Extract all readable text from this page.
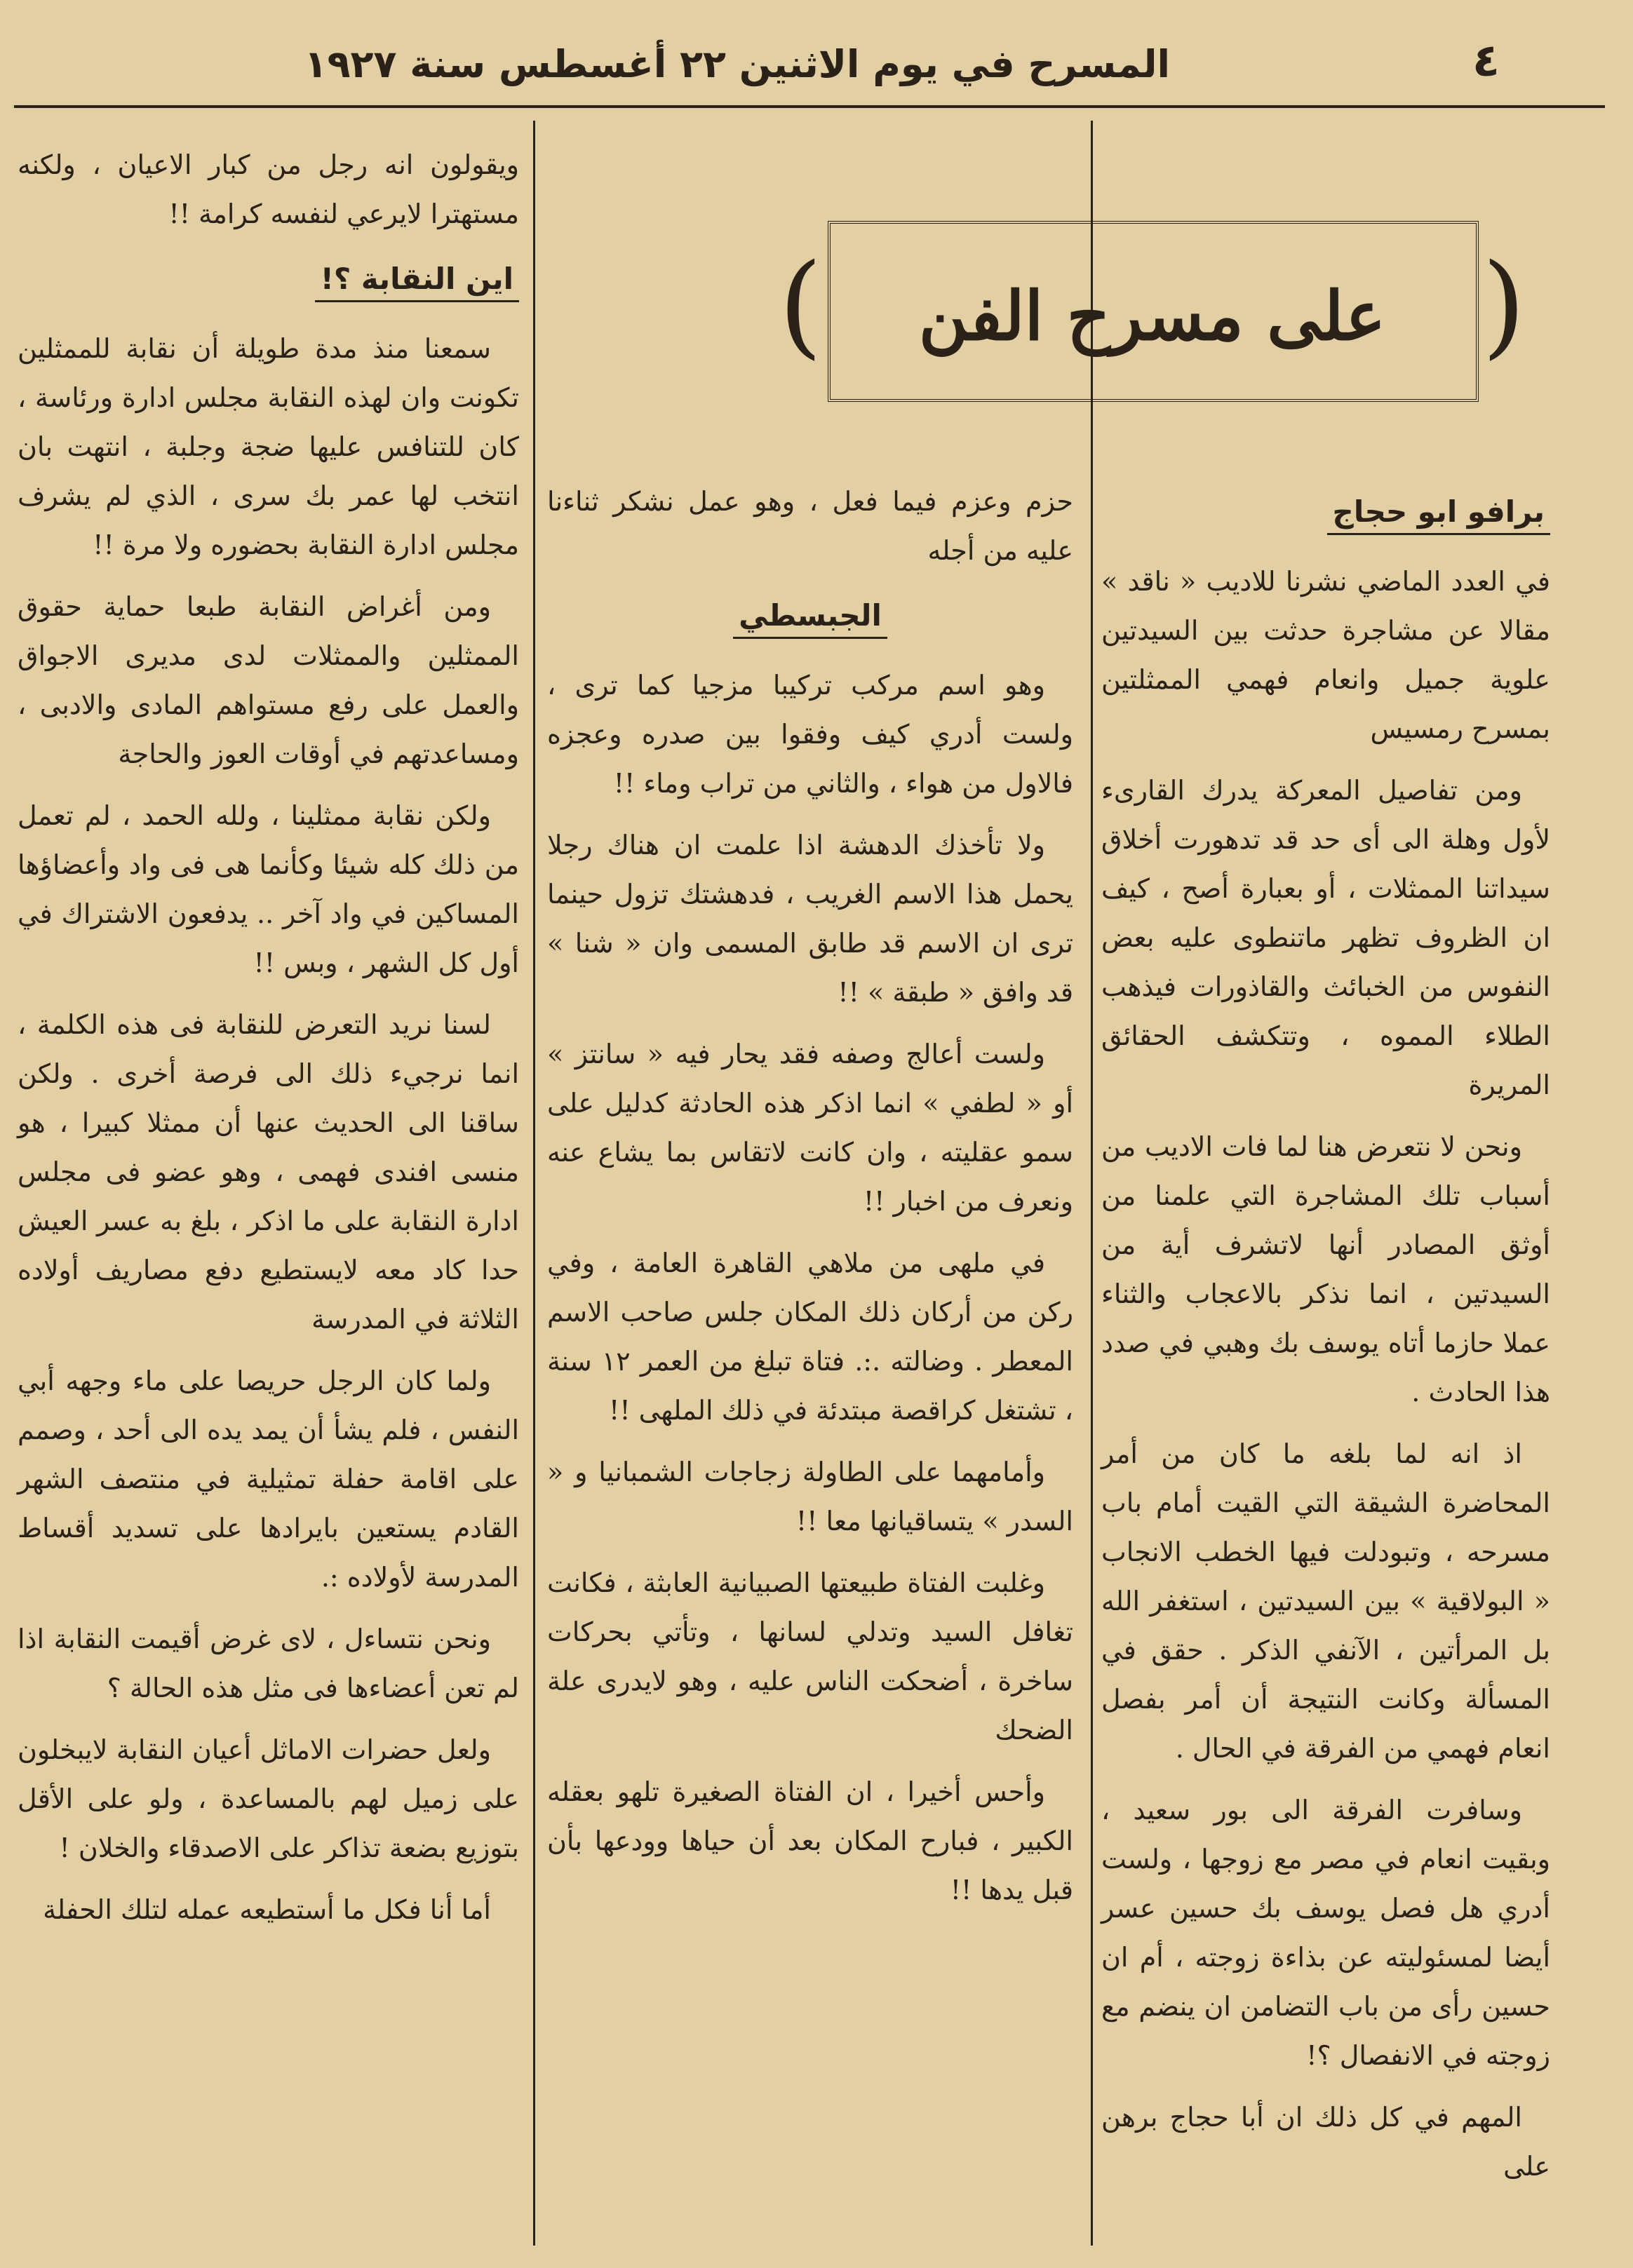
٤
المسرح في يوم الاثنين ٢٢ أغسطس سنة ١٩٢٧
(	)
على مسرح الفن
برافو ابو حجاج

في العدد الماضي نشرنا للاديب « ناقد » مقالا عن مشاجرة حدثت بين السيدتين علوية جميل وانعام فهمي الممثلتين بمسرح رمسيس

ومن تفاصيل المعركة يدرك القارىء لأول وهلة الى أى حد قد تدهورت أخلاق سيداتنا الممثلات ، أو بعبارة أصح ، كيف ان الظروف تظهر ماتنطوى عليه بعض النفوس من الخبائث والقاذورات فيذهب الطلاء المموه ، وتتكشف الحقائق المريرة

ونحن لا نتعرض هنا لما فات الاديب من أسباب تلك المشاجرة التي علمنا من أوثق المصادر أنها لاتشرف أية من السيدتين ، انما نذكر بالاعجاب والثناء عملا حازما أتاه يوسف بك وهبي في صدد هذا الحادث .

اذ انه لما بلغه ما كان من أمر المحاضرة الشيقة التي القيت أمام باب مسرحه ، وتبودلت فيها الخطب الانجاب « البولاقية » بين السيدتين ، استغفر الله بل المرأتين ، الآنفي الذكر . حقق في المسألة وكانت النتيجة أن أمر بفصل انعام فهمي من الفرقة في الحال .

وسافرت الفرقة الى بور سعيد ، وبقيت انعام في مصر مع زوجها ، ولست أدري هل فصل يوسف بك حسين عسر أيضا لمسئوليته عن بذاءة زوجته ، أم ان حسين رأى من باب التضامن ان ينضم مع زوجته في الانفصال ؟!

المهم في كل ذلك ان أبا حجاج برهن على

حزم وعزم فيما فعل ، وهو عمل نشكر ثناءنا عليه من أجله

الجبسطي

وهو اسم مركب تركيبا مزجيا كما ترى ، ولست أدري كيف وفقوا بين صدره وعجزه فالاول من هواء ، والثاني من تراب وماء !!

ولا تأخذك الدهشة اذا علمت ان هناك رجلا يحمل هذا الاسم الغريب ، فدهشتك تزول حينما ترى ان الاسم قد طابق المسمى وان « شنا » قد وافق « طبقة » !!

ولست أعالج وصفه فقد يحار فيه « سانتز » أو « لطفي » انما اذكر هذه الحادثة كدليل على سمو عقليته ، وان كانت لاتقاس بما يشاع عنه ونعرف من اخبار !!

في ملهى من ملاهي القاهرة العامة ، وفي ركن من أركان ذلك المكان جلس صاحب الاسم المعطر . وضالته .:. فتاة تبلغ من العمر ١٢ سنة ، تشتغل كراقصة مبتدئة في ذلك الملهى !!

وأمامهما على الطاولة زجاجات الشمبانيا و « السدر » يتساقيانها معا !!

وغلبت الفتاة طبيعتها الصبيانية العابثة ، فكانت تغافل السيد وتدلي لسانها ، وتأتي بحركات ساخرة ، أضحكت الناس عليه ، وهو لايدرى علة الضحك

وأحس أخيرا ، ان الفتاة الصغيرة تلهو بعقله الكبير ، فبارح المكان بعد أن حياها وودعها بأن قبل يدها !!

ويقولون انه رجل من كبار الاعيان ، ولكنه مستهترا لايرعي لنفسه كرامة !!

اين النقابة ؟!

سمعنا منذ مدة طويلة أن نقابة للممثلين تكونت وان لهذه النقابة مجلس ادارة ورئاسة ، كان للتنافس عليها ضجة وجلبة ، انتهت بان انتخب لها عمر بك سرى ، الذي لم يشرف مجلس ادارة النقابة بحضوره ولا مرة !!

ومن أغراض النقابة طبعا حماية حقوق الممثلين والممثلات لدى مديرى الاجواق والعمل على رفع مستواهم المادى والادبى ، ومساعدتهم في أوقات العوز والحاجة

ولكن نقابة ممثلينا ، ولله الحمد ، لم تعمل من ذلك كله شيئا وكأنما هى فى واد وأعضاؤها المساكين في واد آخر .. يدفعون الاشتراك في أول كل الشهر ، وبس !!

لسنا نريد التعرض للنقابة فى هذه الكلمة ، انما نرجيء ذلك الى فرصة أخرى . ولكن ساقنا الى الحديث عنها أن ممثلا كبيرا ، هو منسى افندى فهمى ، وهو عضو فى مجلس ادارة النقابة على ما اذكر ، بلغ به عسر العيش حدا كاد معه لايستطيع دفع مصاريف أولاده الثلاثة في المدرسة

ولما كان الرجل حريصا على ماء وجهه أبي النفس ، فلم يشأ أن يمد يده الى أحد ، وصمم على اقامة حفلة تمثيلية في منتصف الشهر القادم يستعين بايرادها على تسديد أقساط المدرسة لأولاده :.

ونحن نتساءل ، لاى غرض أقيمت النقابة اذا لم تعن أعضاءها فى مثل هذه الحالة ؟

ولعل حضرات الاماثل أعيان النقابة لايبخلون على زميل لهم بالمساعدة ، ولو على الأقل بتوزيع بضعة تذاكر على الاصدقاء والخلان !

أما أنا فكل ما أستطيعه عمله لتلك الحفلة
